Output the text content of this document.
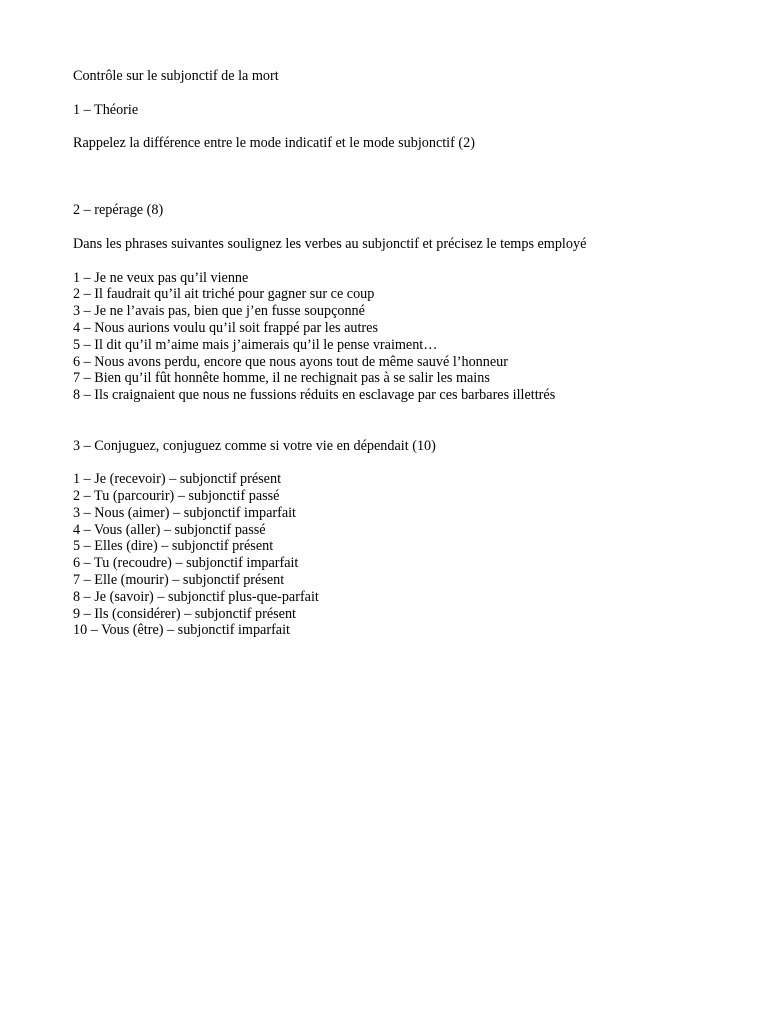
Contrôle sur le subjonctif de la mort

1 – Théorie

Rappelez la différence entre le mode indicatif et le mode subjonctif (2)

2 – repérage (8)

Dans les phrases suivantes soulignez les verbes au subjonctif et précisez le temps employé

1 – Je ne veux pas qu’il vienne
2 – Il faudrait qu’il ait triché pour gagner sur ce coup
3 – Je ne l’avais pas, bien que j’en fusse soupçonné
4 – Nous aurions voulu qu’il soit frappé par les autres
5 – Il dit qu’il m’aime mais j’aimerais qu’il le pense vraiment…
6 – Nous avons perdu, encore que nous ayons tout de même sauvé l’honneur
7 – Bien qu’il fût honnête homme, il ne rechignait pas à se salir les mains
8 – Ils craignaient que nous ne fussions réduits en esclavage par ces barbares illettrés

3 – Conjuguez, conjuguez comme si votre vie en dépendait (10)

1 – Je (recevoir) – subjonctif présent
2 – Tu (parcourir) – subjonctif passé
3 – Nous (aimer) – subjonctif imparfait
4 – Vous (aller) – subjonctif passé
5 – Elles (dire) – subjonctif présent
6 – Tu (recoudre) – subjonctif imparfait
7 – Elle (mourir) – subjonctif présent
8 – Je (savoir) – subjonctif plus-que-parfait
9 – Ils (considérer) – subjonctif présent
10 – Vous (être) – subjonctif imparfait
